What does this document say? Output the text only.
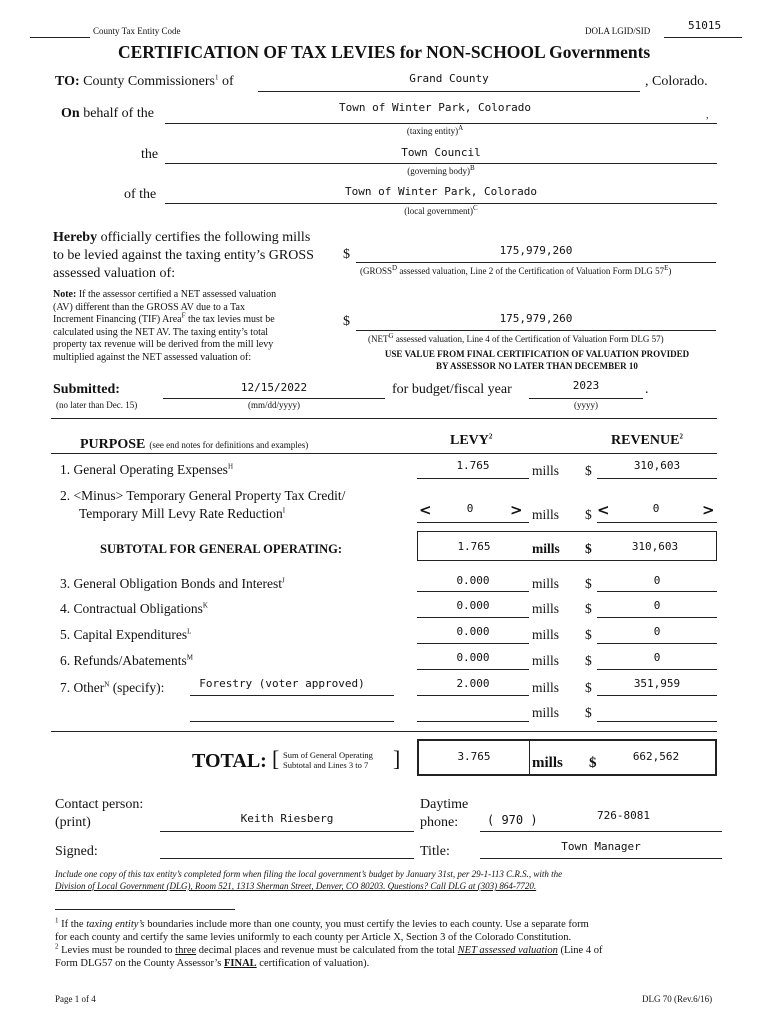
County Tax Entity Code	DOLA LGID/SID	51015
CERTIFICATION OF TAX LEVIES for NON-SCHOOL Governments
TO: County Commissioners$^1$ of	Grand County	, Colorado.
On behalf of the	Town of Winter Park, Colorado
,
(taxing entity)$^A$
the	Town Council
(governing body)$^B$
of the	Town of Winter Park, Colorado
(local government)$^C$
Hereby officially certifies the following mills
to be levied against the taxing entity’s GROSS
assessed valuation of:
$	175,979,260
($GROSS^D$ assessed valuation, Line 2 of the Certification of Valuation Form DLG $57^E$)
Note: If the assessor certified a NET assessed valuation
(AV) different than the GROSS AV due to a Tax
Increment Financing (TIF) Area$^F$ the tax levies must be
calculated using the NET AV. The taxing entity’s total
property tax revenue will be derived from the mill levy
multiplied against the NET assessed valuation of:
$	175,979,260
($NET^G$ assessed valuation, Line 4 of the Certification of Valuation Form DLG 57)
USE VALUE FROM FINAL CERTIFICATION OF VALUATION PROVIDED
BY ASSESSOR NO LATER THAN DECEMBER 10
Submitted:
(no later than Dec. 15)
12/15/2022
(mm/dd/yyyy)
for budget/fiscal year	2023	.
(yyyy)
PURPOSE (see end notes for definitions and examples)	LEVY$^2$	REVENUE$^2$
1. General Operating Expenses$^H$	1.765	mills $	310,603
2. <Minus> Temporary General Property Tax Credit/
Temporary Mill Levy Rate Reduction$^I$	<	0	> mills $ <	0	>
SUBTOTAL FOR GENERAL OPERATING:	1.765	mills $	310,603
3. General Obligation Bonds and Interest$^J$	0.000	mills $	0
4. Contractual Obligations$^K$	0.000	mills $	0
5. Capital Expenditures$^L$	0.000	mills $	0
6. Refunds/Abatements$^M$	0.000	mills $	0
7. Other$^N$ (specify):	Forestry (voter approved)	2.000	mills $	351,959
mills $
TOTAL: [ Sum of General Operating
Subtotal and Lines 3 to 7 ]	3.765	mills $	662,562
Contact person:
(print)	Keith Riesberg
Daytime
phone:	( 970 )	726-8081
Signed:	Title:	Town Manager
Include one copy of this tax entity’s completed form when filing the local government’s budget by January 31st, per 29-1-113 C.R.S., with the
Division of Local Government (DLG), Room 521, 1313 Sherman Street, Denver, CO 80203. Questions? Call DLG at (303) 864-7720.
$^1$ If the taxing entity’s boundaries include more than one county, you must certify the levies to each county. Use a separate form
for each county and certify the same levies uniformly to each county per Article X, Section 3 of the Colorado Constitution.
$^2$ Levies must be rounded to three decimal places and revenue must be calculated from the total NET assessed valuation (Line 4 of
Form DLG57 on the County Assessor’s FINAL certification of valuation).
Page 1 of 4	DLG 70 (Rev.6/16)
